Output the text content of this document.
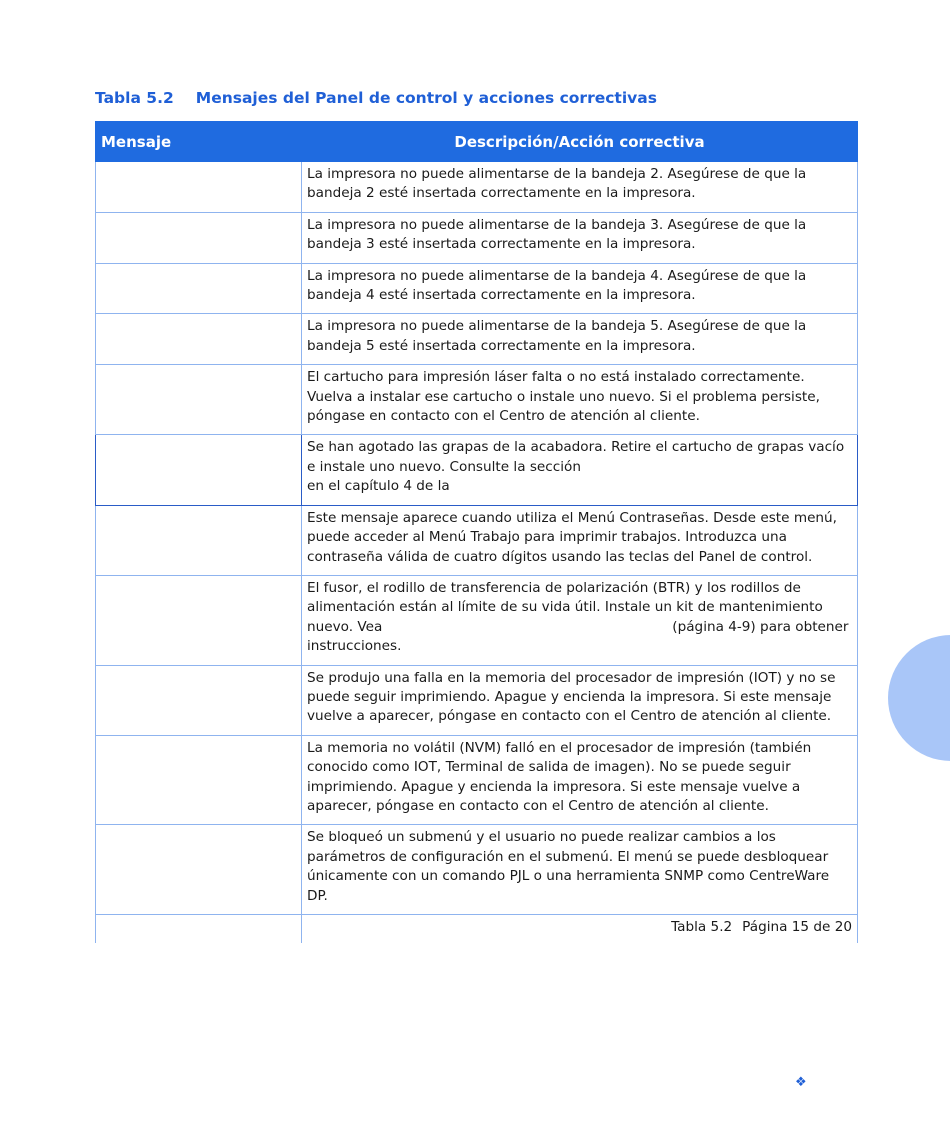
Tabla 5.2 Mensajes del Panel de control y acciones correctivas
Mensaje	Descripción/Acción correctiva

	La impresora no puede alimentarse de la bandeja 2. Asegúrese de que la bandeja 2 esté insertada correctamente en la impresora.

	La impresora no puede alimentarse de la bandeja 3. Asegúrese de que la bandeja 3 esté insertada correctamente en la impresora.

	La impresora no puede alimentarse de la bandeja 4. Asegúrese de que la bandeja 4 esté insertada correctamente en la impresora.

	La impresora no puede alimentarse de la bandeja 5. Asegúrese de que la bandeja 5 esté insertada correctamente en la impresora.

	El cartucho para impresión láser falta o no está instalado correctamente. Vuelva a instalar ese cartucho o instale uno nuevo. Si el problema persiste, póngase en contacto con el Centro de atención al cliente.

	Se han agotado las grapas de la acabadora. Retire el cartucho de grapas vacío e instale uno nuevo. Consulte la sección

en el capítulo 4 de la

	Este mensaje aparece cuando utiliza el Menú Contraseñas. Desde este menú, puede acceder al Menú Trabajo para imprimir trabajos. Introduzca una contraseña válida de cuatro dígitos usando las teclas del Panel de control.

	El fusor, el rodillo de transferencia de polarización (BTR) y los rodillos de alimentación están al límite de su vida útil. Instale un kit de mantenimiento nuevo. Vea (página 4-9) para obtener instrucciones.

	Se produjo una falla en la memoria del procesador de impresión (IOT) y no se puede seguir imprimiendo. Apague y encienda la impresora. Si este mensaje vuelve a aparecer, póngase en contacto con el Centro de atención al cliente.

	La memoria no volátil (NVM) falló en el procesador de impresión (también conocido como IOT, Terminal de salida de imagen). No se puede seguir imprimiendo. Apague y encienda la impresora. Si este mensaje vuelve a aparecer, póngase en contacto con el Centro de atención al cliente.

	Se bloqueó un submenú y el usuario no puede realizar cambios a los parámetros de configuración en el submenú. El menú se puede desbloquear únicamente con un comando PJL o una herramienta SNMP como CentreWare DP.

	Tabla 5.2 Página 15 de 20
❖
